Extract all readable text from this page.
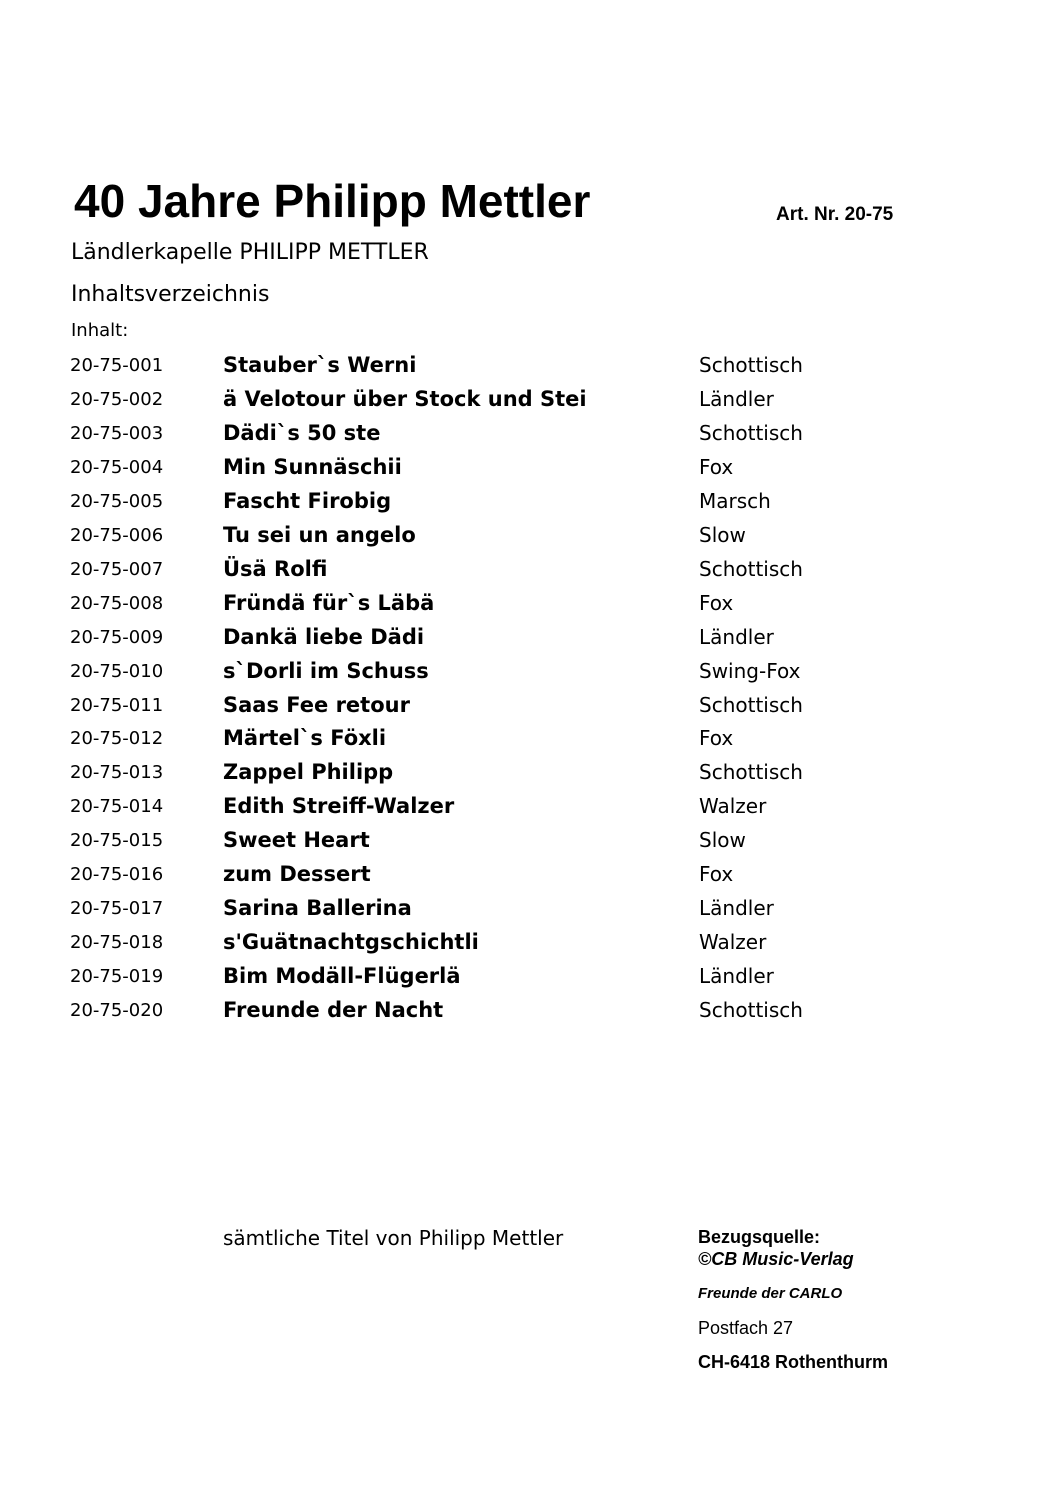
40 Jahre Philipp Mettler	Art. Nr. 20-75
Ländlerkapelle PHILIPP METTLER
Inhaltsverzeichnis
Inhalt:
20-75-001	Stauber`s Werni	Schottisch
20-75-002	ä Velotour über Stock und Stei	Ländler
20-75-003	Dädi`s 50 ste	Schottisch
20-75-004	Min Sunnäschii	Fox
20-75-005	Fascht Firobig	Marsch
20-75-006	Tu sei un angelo	Slow
20-75-007	Üsä Rolfi	Schottisch
20-75-008	Fründä für`s Läbä	Fox
20-75-009	Dankä liebe Dädi	Ländler
20-75-010	s`Dorli im Schuss	Swing-Fox
20-75-011	Saas Fee retour	Schottisch
20-75-012	Märtel`s Föxli	Fox
20-75-013	Zappel Philipp	Schottisch
20-75-014	Edith Streiff-Walzer	Walzer
20-75-015	Sweet Heart	Slow
20-75-016	zum Dessert	Fox
20-75-017	Sarina Ballerina	Ländler
20-75-018	s'Guätnachtgschichtli	Walzer
20-75-019	Bim Modäll-Flügerlä	Ländler
20-75-020	Freunde der Nacht	Schottisch
sämtliche Titel von Philipp Mettler	Bezugsquelle:
©CB Music-Verlag
Freunde der CARLO
Postfach 27
CH-6418 Rothenthurm
